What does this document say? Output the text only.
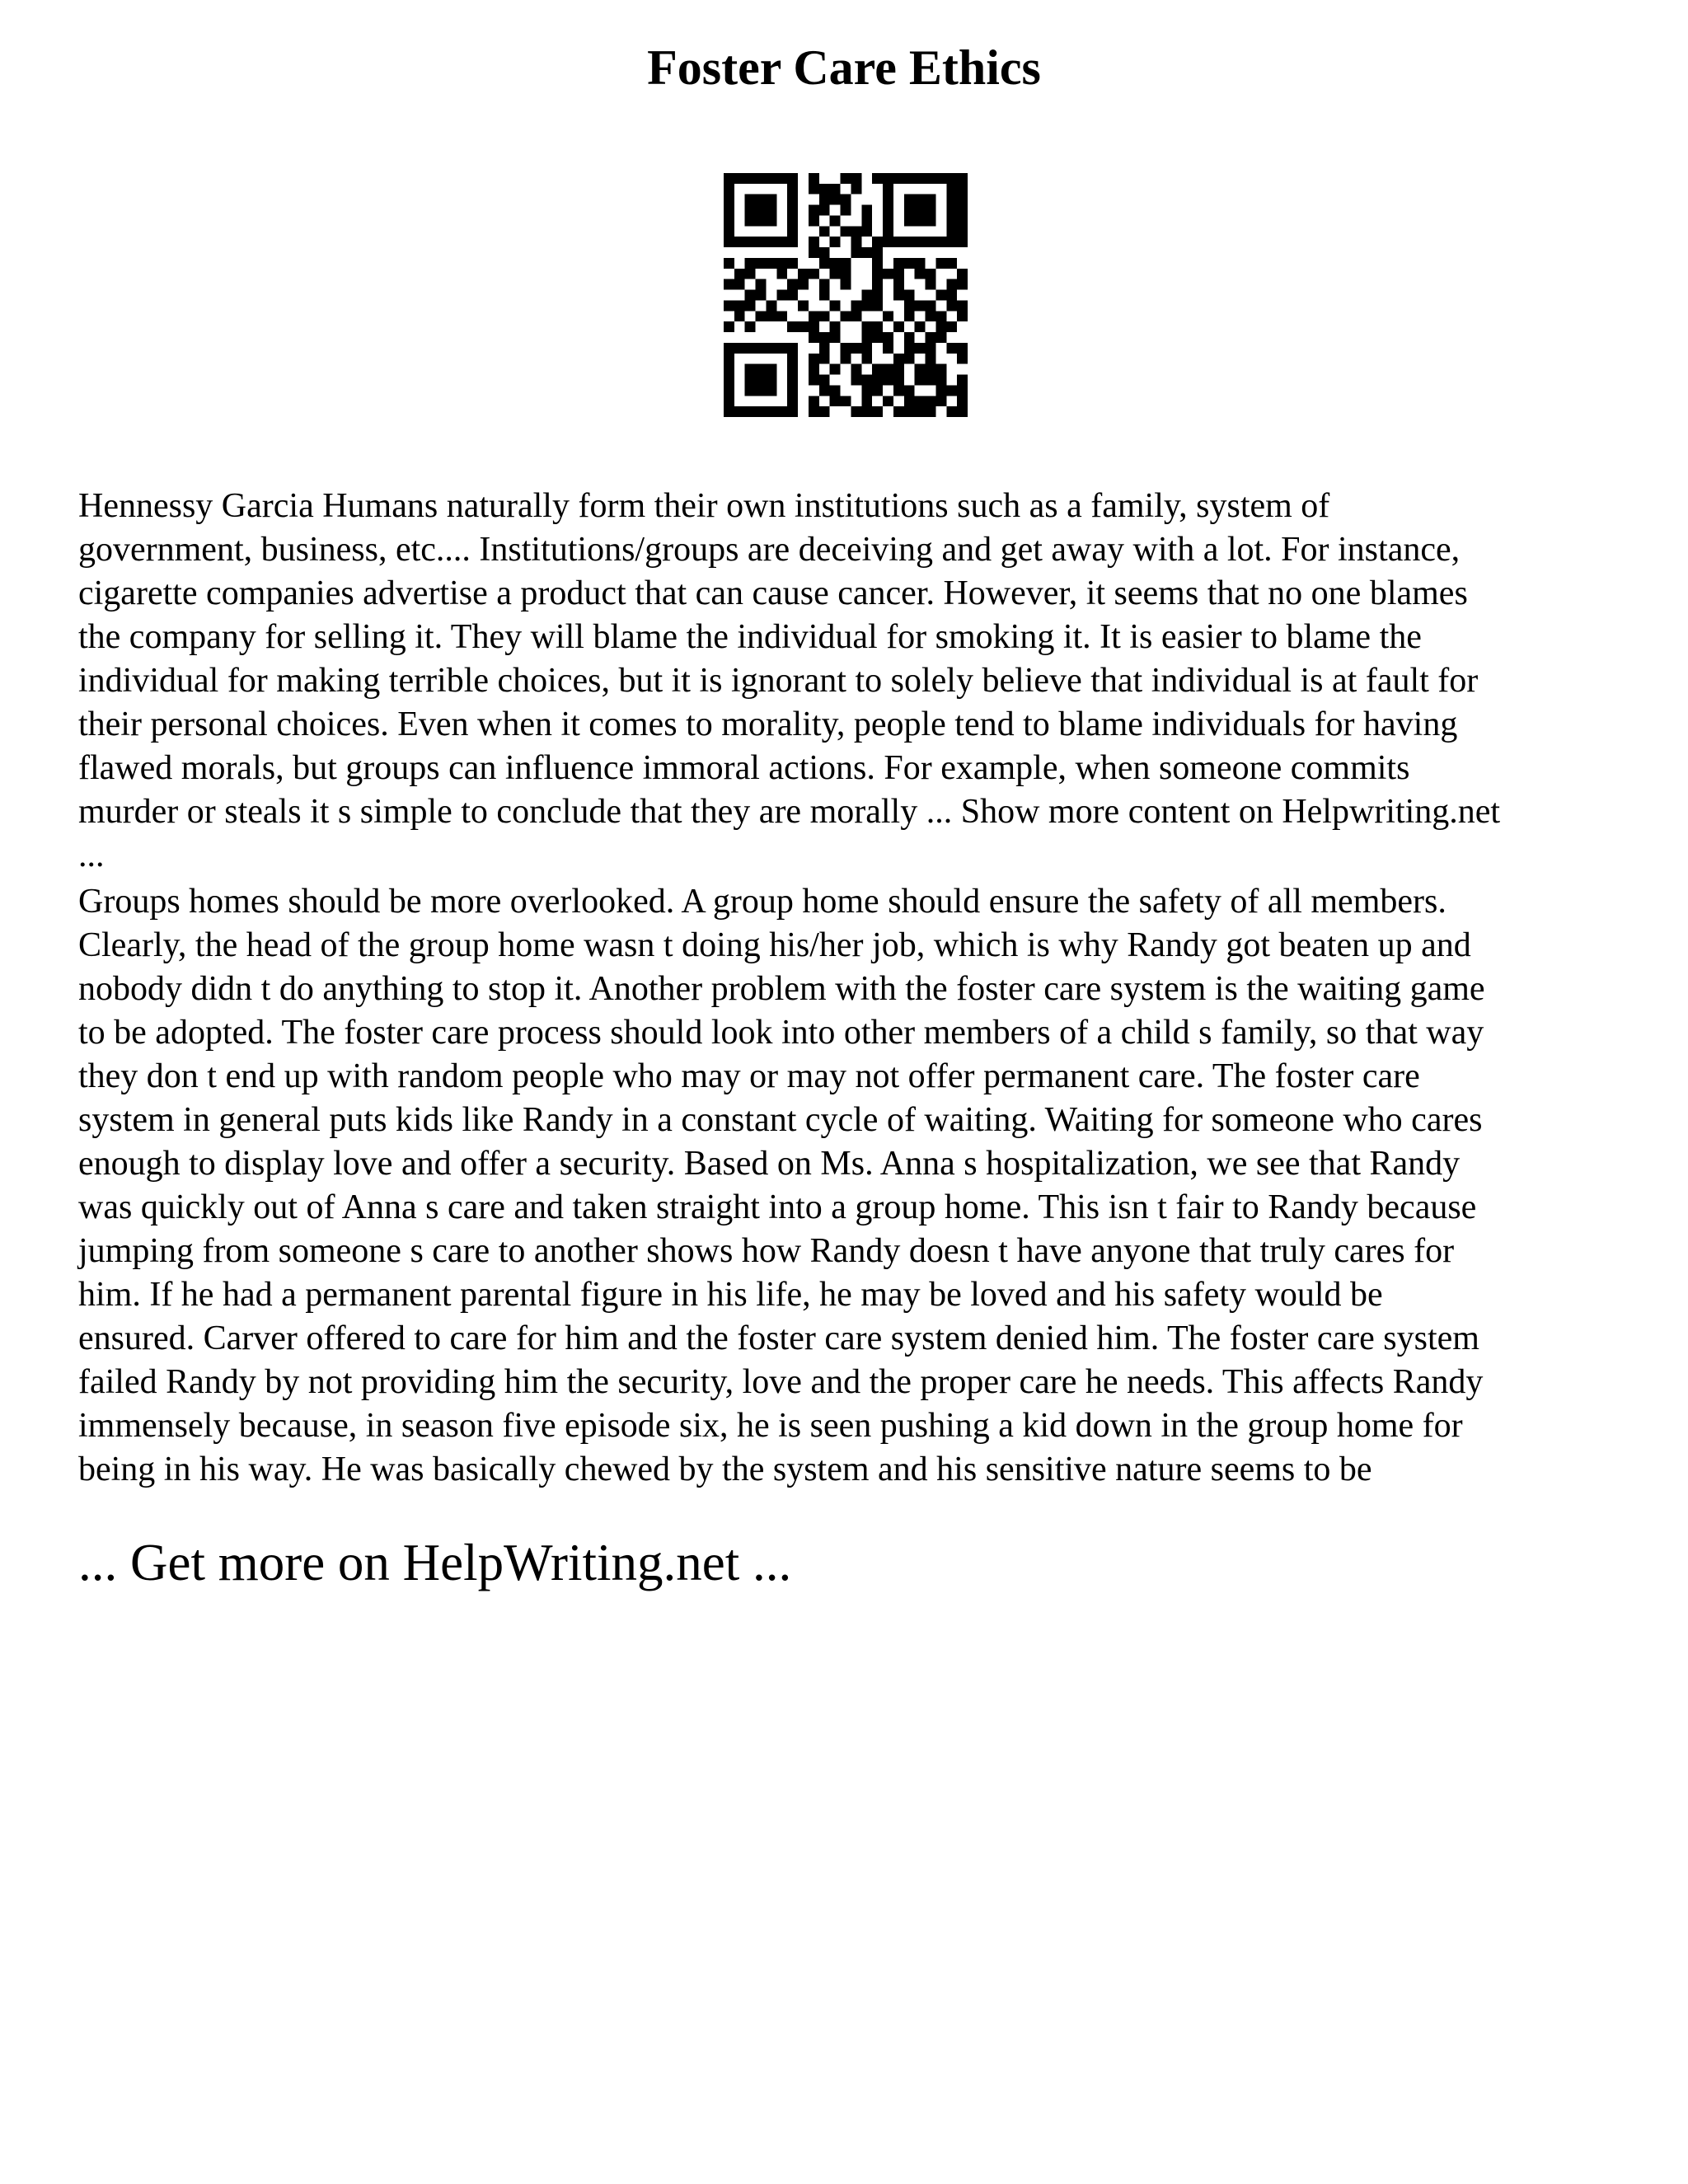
Foster Care Ethics
Hennessy Garcia Humans naturally form their own institutions such as a family, system of
government, business, etc.... Institutions/groups are deceiving and get away with a lot. For instance,
cigarette companies advertise a product that can cause cancer. However, it seems that no one blames
the company for selling it. They will blame the individual for smoking it. It is easier to blame the
individual for making terrible choices, but it is ignorant to solely believe that individual is at fault for
their personal choices. Even when it comes to morality, people tend to blame individuals for having
flawed morals, but groups can influence immoral actions. For example, when someone commits
murder or steals it s simple to conclude that they are morally ... Show more content on Helpwriting.net
...
Groups homes should be more overlooked. A group home should ensure the safety of all members.
Clearly, the head of the group home wasn t doing his/her job, which is why Randy got beaten up and
nobody didn t do anything to stop it. Another problem with the foster care system is the waiting game
to be adopted. The foster care process should look into other members of a child s family, so that way
they don t end up with random people who may or may not offer permanent care. The foster care
system in general puts kids like Randy in a constant cycle of waiting. Waiting for someone who cares
enough to display love and offer a security. Based on Ms. Anna s hospitalization, we see that Randy
was quickly out of Anna s care and taken straight into a group home. This isn t fair to Randy because
jumping from someone s care to another shows how Randy doesn t have anyone that truly cares for
him. If he had a permanent parental figure in his life, he may be loved and his safety would be
ensured. Carver offered to care for him and the foster care system denied him. The foster care system
failed Randy by not providing him the security, love and the proper care he needs. This affects Randy
immensely because, in season five episode six, he is seen pushing a kid down in the group home for
being in his way. He was basically chewed by the system and his sensitive nature seems to be
... Get more on HelpWriting.net ...
